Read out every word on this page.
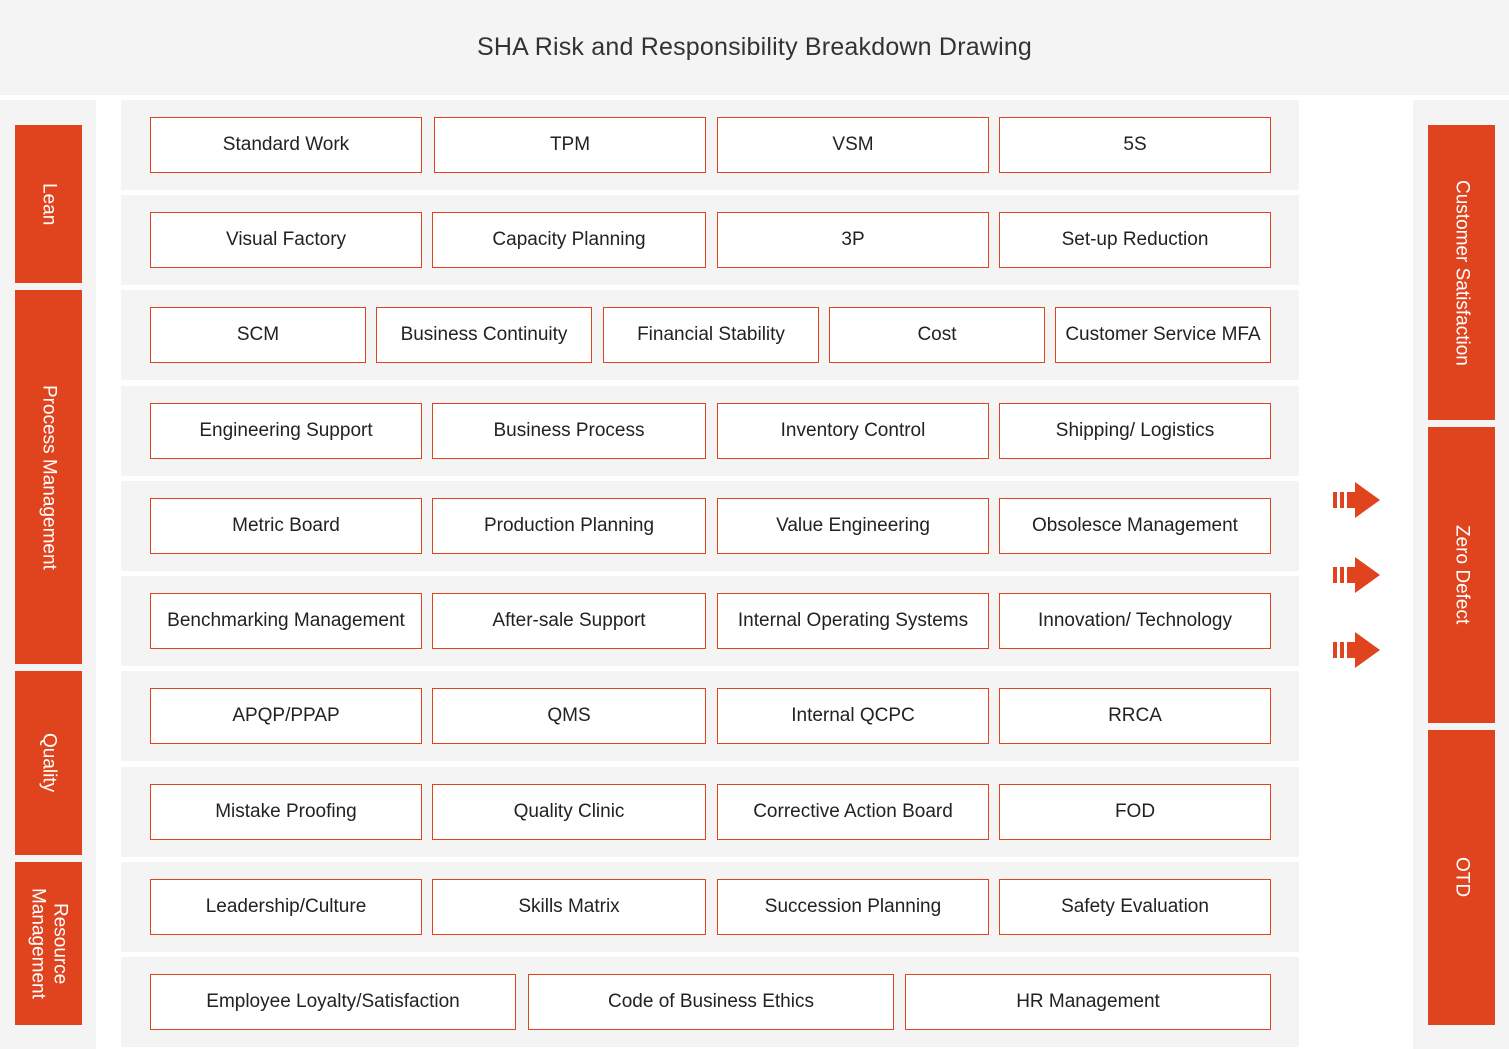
SHA Risk and Responsibility Breakdown Drawing
Lean
Process Management
Quality
Resource
Management
Customer Satisfaction
Zero Defect
OTD
Standard Work	TPM	VSM	5S
Visual Factory	Capacity Planning	3P	Set-up Reduction
SCM	Business Continuity	Financial Stability	Cost	Customer Service MFA
Engineering Support	Business Process	Inventory Control	Shipping/ Logistics
Metric Board	Production Planning	Value Engineering	Obsolesce Management
Benchmarking Management	After-sale Support	Internal Operating Systems	Innovation/ Technology
APQP/PPAP	QMS	Internal QCPC	RRCA
Mistake Proofing	Quality Clinic	Corrective Action Board	FOD
Leadership/Culture	Skills Matrix	Succession Planning	Safety Evaluation
Employee Loyalty/Satisfaction	Code of Business Ethics	HR Management
